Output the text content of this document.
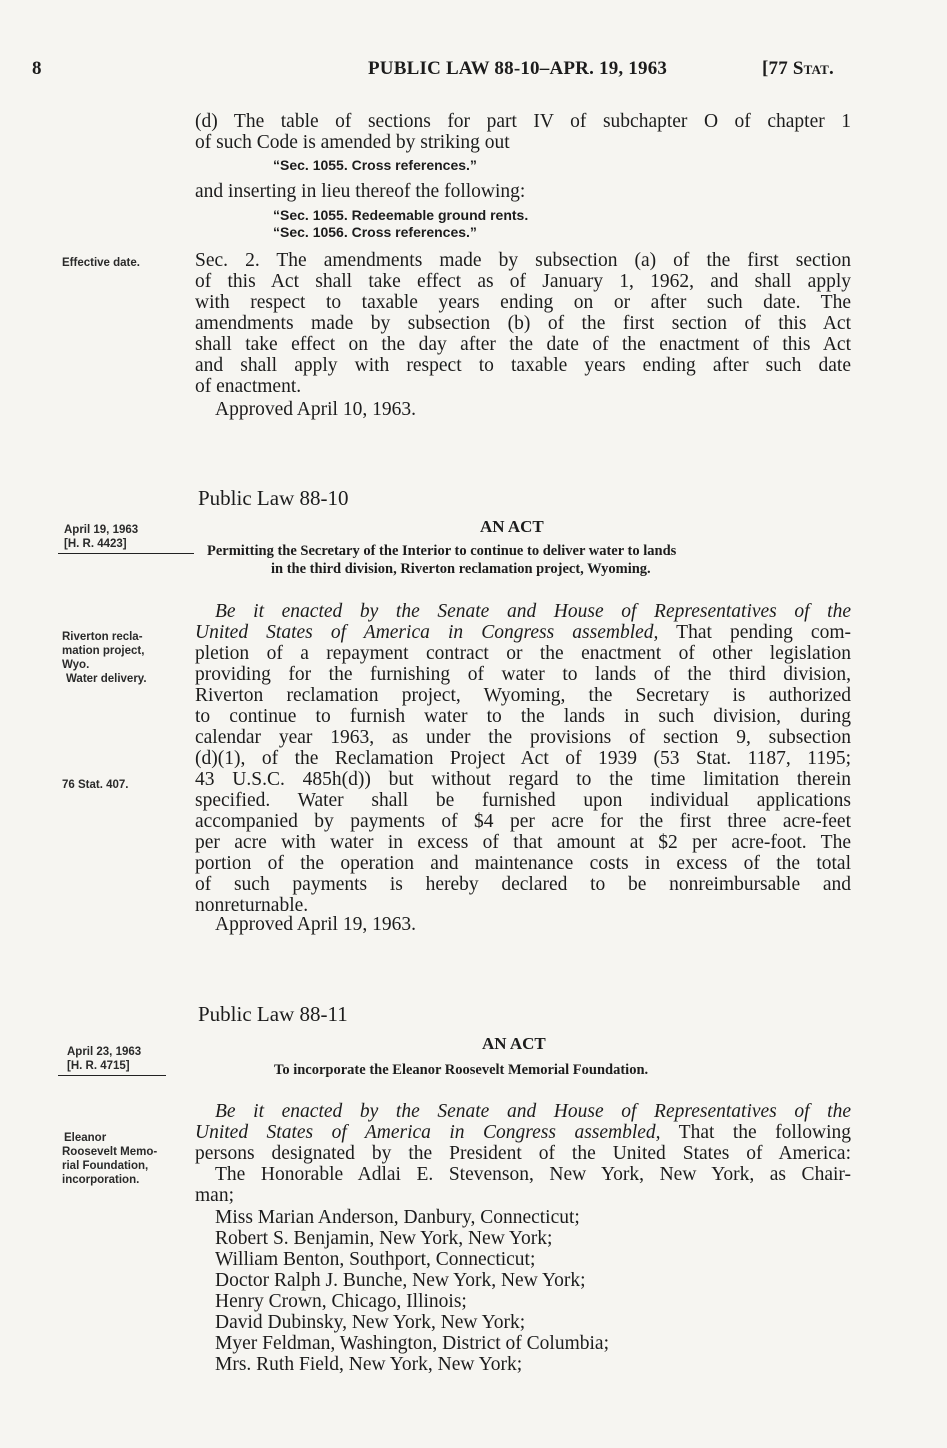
8	PUBLIC LAW 88-10–APR. 19, 1963	[77 Stat.
(d) The table of sections for part IV of subchapter O of chapter 1
of such Code is amended by striking out
“Sec. 1055. Cross references.”
and inserting in lieu thereof the following:
“Sec. 1055. Redeemable ground rents.
“Sec. 1056. Cross references.”
Effective date.	Sec. 2. The amendments made by subsection (a) of the first section
of this Act shall take effect as of January 1, 1962, and shall apply
with respect to taxable years ending on or after such date. The
amendments made by subsection (b) of the first section of this Act
shall take effect on the day after the date of the enactment of this Act
and shall apply with respect to taxable years ending after such date
of enactment.
Approved April 10, 1963.
Public Law 88-10
AN ACT
April 19, 1963
[H. R. 4423]	Permitting the Secretary of the Interior to continue to deliver water to lands
in the third division, Riverton reclamation project, Wyoming.
Riverton recla-
mation project,
Wyo.
Water delivery.
76 Stat. 407.
Be it enacted by the Senate and House of Representatives of the
United States of America in Congress assembled, That pending com-
pletion of a repayment contract or the enactment of other legislation
providing for the furnishing of water to lands of the third division,
Riverton reclamation project, Wyoming, the Secretary is authorized
to continue to furnish water to the lands in such division, during
calendar year 1963, as under the provisions of section 9, subsection
(d)(1), of the Reclamation Project Act of 1939 (53 Stat. 1187, 1195;
43 U.S.C. 485h(d)) but without regard to the time limitation therein
specified. Water shall be furnished upon individual applications
accompanied by payments of $4 per acre for the first three acre-feet
per acre with water in excess of that amount at $2 per acre-foot. The
portion of the operation and maintenance costs in excess of the total
of such payments is hereby declared to be nonreimbursable and
nonreturnable.
Approved April 19, 1963.
Public Law 88-11
AN ACT
April 23, 1963
[H. R. 4715]	To incorporate the Eleanor Roosevelt Memorial Foundation.
Eleanor
Roosevelt Memo-
rial Foundation,
incorporation.
Be it enacted by the Senate and House of Representatives of the
United States of America in Congress assembled, That the following
persons designated by the President of the United States of America:
The Honorable Adlai E. Stevenson, New York, New York, as Chair-
man;
Miss Marian Anderson, Danbury, Connecticut;
Robert S. Benjamin, New York, New York;
William Benton, Southport, Connecticut;
Doctor Ralph J. Bunche, New York, New York;
Henry Crown, Chicago, Illinois;
David Dubinsky, New York, New York;
Myer Feldman, Washington, District of Columbia;
Mrs. Ruth Field, New York, New York;
